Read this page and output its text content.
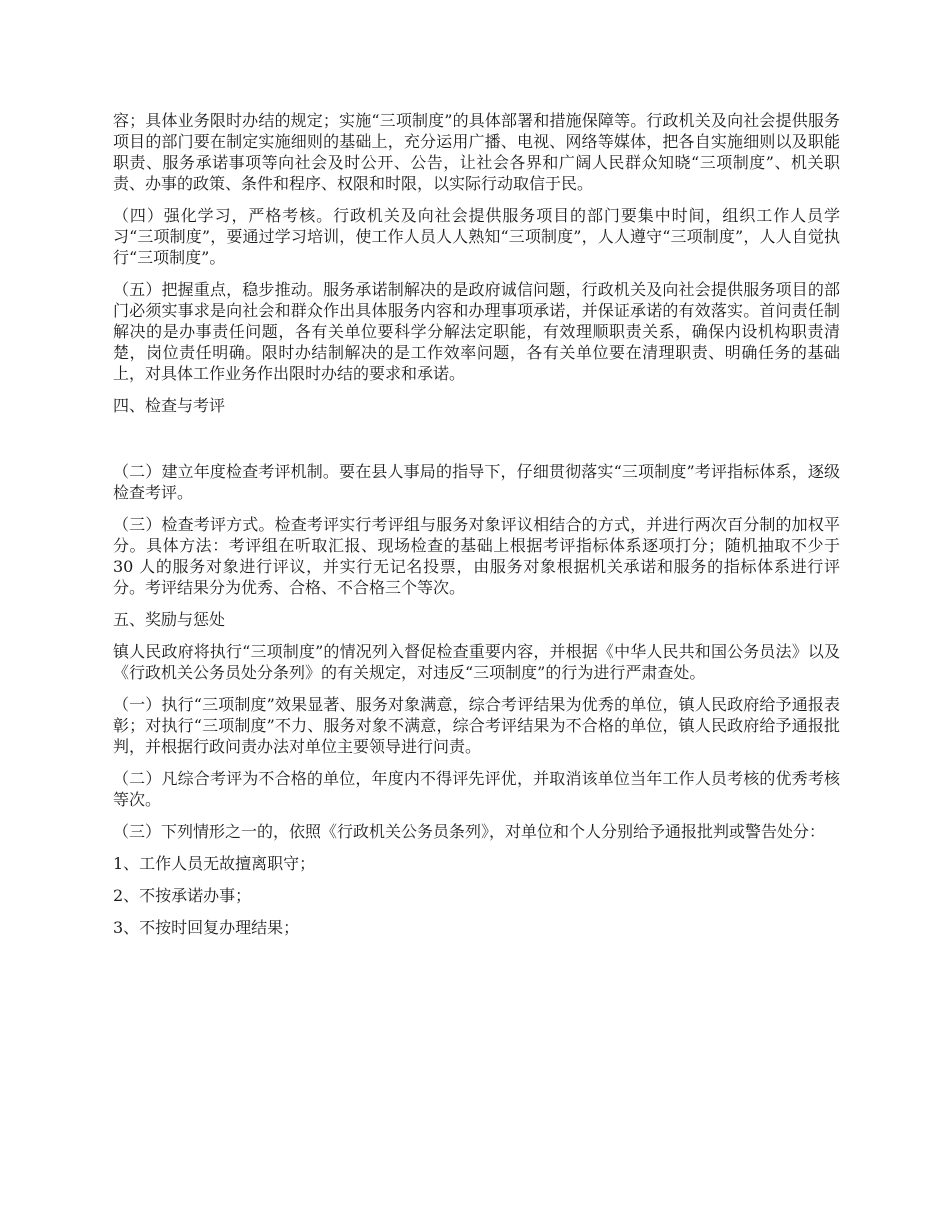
容；具体业务限时办结的规定；实施“三项制度”的具体部署和措施保障等。行政机关及向社会提供服务项目的部门要在制定实施细则的基础上，充分运用广播、电视、网络等媒体，把各自实施细则以及职能职责、服务承诺事项等向社会及时公开、公告，让社会各界和广阔人民群众知晓“三项制度”、机关职责、办事的政策、条件和程序、权限和时限，以实际行动取信于民。

（四）强化学习，严格考核。行政机关及向社会提供服务项目的部门要集中时间，组织工作人员学习“三项制度”，要通过学习培训，使工作人员人人熟知“三项制度”，人人遵守“三项制度”，人人自觉执行“三项制度”。

（五）把握重点，稳步推动。服务承诺制解决的是政府诚信问题，行政机关及向社会提供服务项目的部门必须实事求是向社会和群众作出具体服务内容和办理事项承诺，并保证承诺的有效落实。首问责任制解决的是办事责任问题，各有关单位要科学分解法定职能，有效理顺职责关系，确保内设机构职责清楚，岗位责任明确。限时办结制解决的是工作效率问题，各有关单位要在清理职责、明确任务的基础上，对具体工作业务作出限时办结的要求和承诺。

四、检查与考评

（二）建立年度检查考评机制。要在县人事局的指导下，仔细贯彻落实“三项制度”考评指标体系，逐级检查考评。

（三）检查考评方式。检查考评实行考评组与服务对象评议相结合的方式，并进行两次百分制的加权平分。具体方法：考评组在听取汇报、现场检查的基础上根据考评指标体系逐项打分；随机抽取不少于 30 人的服务对象进行评议，并实行无记名投票，由服务对象根据机关承诺和服务的指标体系进行评分。考评结果分为优秀、合格、不合格三个等次。

五、奖励与惩处

镇人民政府将执行“三项制度”的情况列入督促检查重要内容，并根据《中华人民共和国公务员法》以及《行政机关公务员处分条列》的有关规定，对违反“三项制度”的行为进行严肃查处。

（一）执行“三项制度”效果显著、服务对象满意，综合考评结果为优秀的单位，镇人民政府给予通报表彰；对执行“三项制度”不力、服务对象不满意，综合考评结果为不合格的单位，镇人民政府给予通报批判，并根据行政问责办法对单位主要领导进行问责。

（二）凡综合考评为不合格的单位，年度内不得评先评优，并取消该单位当年工作人员考核的优秀考核等次。

（三）下列情形之一的，依照《行政机关公务员条列》，对单位和个人分别给予通报批判或警告处分：

1、工作人员无故擅离职守；

2、不按承诺办事；

3、不按时回复办理结果；
